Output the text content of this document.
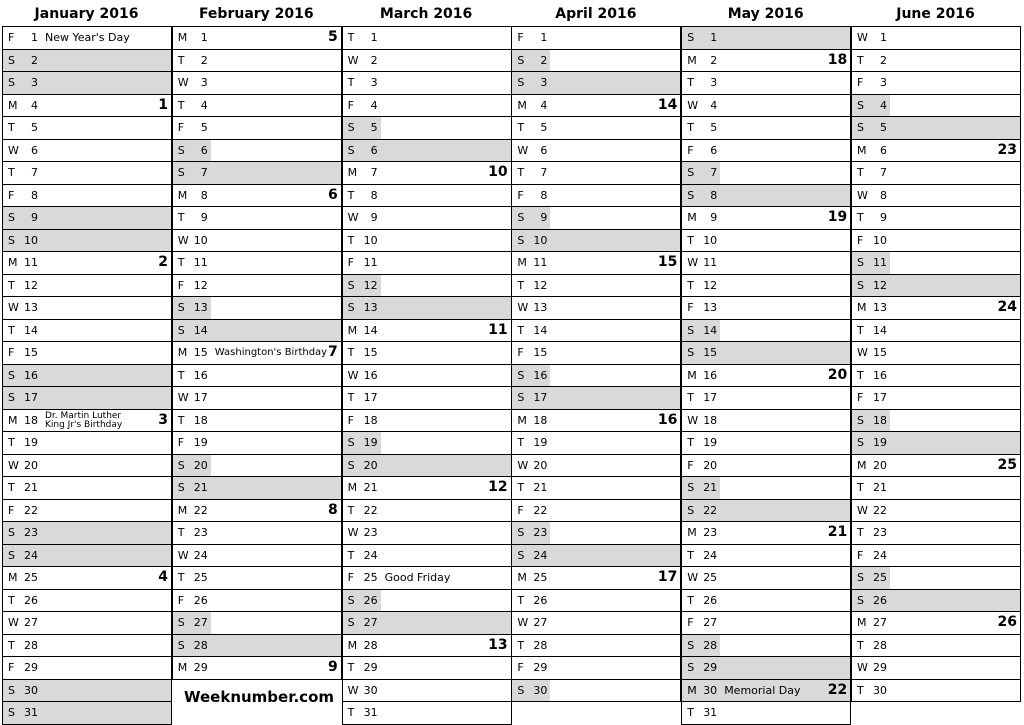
January 2016
F	1 New Year's Day
S	2
S	3
M	4	1
T	5
W	6
T	7
F	8
S	9
S 10
M 11	2
T 12
W 13
T 14
F 15
S 16
S 17
M 18 Dr. Martin Luther
King Jr's Birthday	3
T 19
W 20
T 21
F 22
S 23
S 24
M 25	4
T 26
W 27
T 28
F 29
S 30
S 31
February 2016
M	1	5
T	2
W	3
T	4
F	5
S	6
S	7
M	8	6
T	9
W 10
T 11
F 12
S 13
S 14
M 15 Washington's Birthday 7
T 16
W 17
T 18
F 19
S 20
S 21
M 22	8
T 23
W 24
T 25
F 26
S 27
S 28
M 29	9
March 2016
T	1
W	2
T	3
F	4
S	5
S	6
M	7	10
T	8
W	9
T 10
F 11
S 12
S 13
M 14	11
T 15
W 16
T 17
F 18
S 19
S 20
M 21	12
T 22
W 23
T 24
F 25 Good Friday
S 26
S 27
M 28	13
T 29
W 30
T 31
April 2016
F	1
S	2
S	3
M	4	14
T	5
W	6
T	7
F	8
S	9
S 10
M 11	15
T 12
W 13
T 14
F 15
S 16
S 17
M 18	16
T 19
W 20
T 21
F 22
S 23
S 24
M 25	17
T 26
W 27
T 28
F 29
S 30
May 2016
S	1
M	2	18
T	3
W	4
T	5
F	6
S	7
S	8
M	9	19
T 10
W 11
T 12
F 13
S 14
S 15
M 16	20
T 17
W 18
T 19
F 20
S 21
S 22
M 23	21
T 24
W 25
T 26
F 27
S 28
S 29
M 30 Memorial Day 22
T 31
June 2016
W	1
T	2
F	3
S	4
S	5
M	6	23
T	7
W	8
T	9
F 10
S 11
S 12
M 13	24
T 14
W 15
T 16
F 17
S 18
S 19
M 20	25
T 21
W 22
T 23
F 24
S 25
S 26
M 27	26
T 28
W 29
T 30
Weeknumber.com
